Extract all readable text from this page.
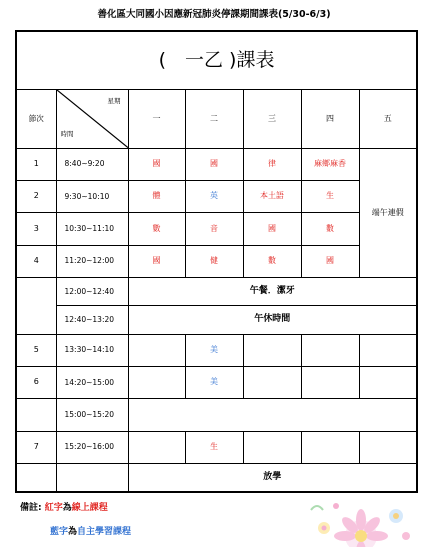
善化區大同國小因應新冠肺炎停課期間課表(5/30-6/3)
(　一乙 )課表						
節次	星期
時間	一	二	三	四	五
1	8:40~9:20	國	國	律	麻鄉麻香	端午連假
2	9:30~10:10	體	英	本土語	生	
3	10:30~11:10	數	音	國	數	
4	11:20~12:00	國	健	數	國	
	12:00~12:40	午餐．潔牙				
	12:40~13:20	午休時間				
5	13:30~14:10		美			
6	14:20~15:00		美			
	15:00~15:20					
7	15:20~16:00		生			
		放學				
備註: 紅字為線上課程
藍字為自主學習課程
